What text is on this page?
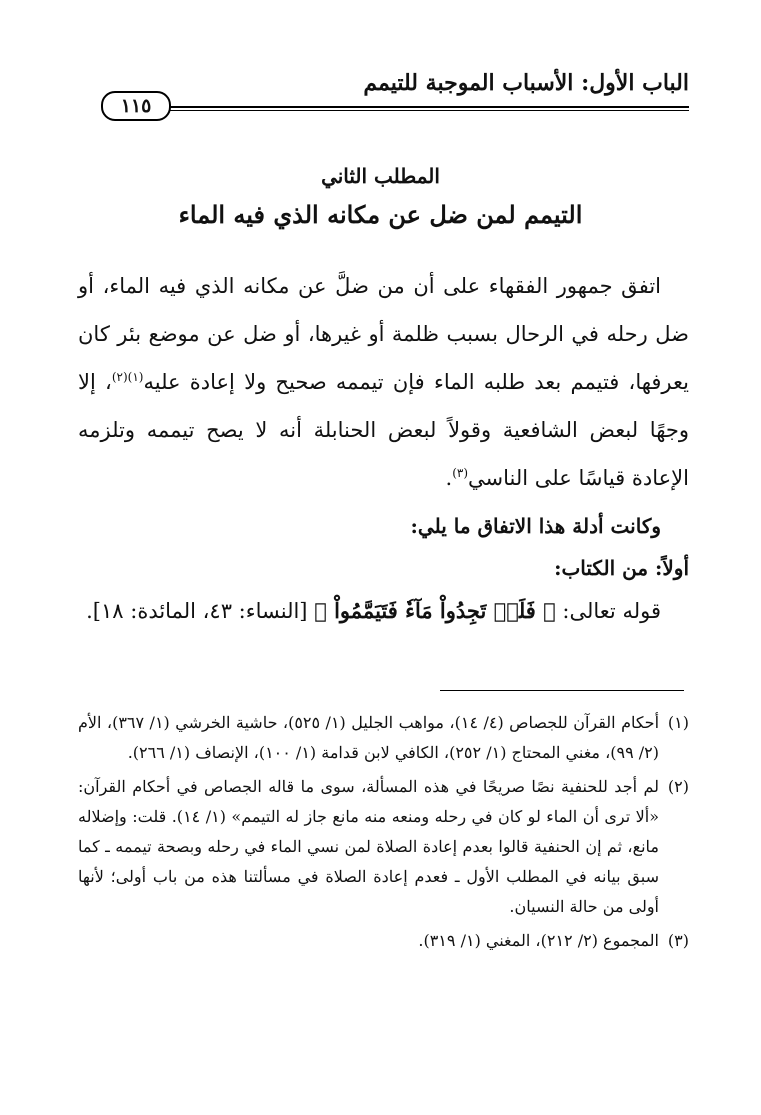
الباب الأول: الأسباب الموجبة للتيمم
١١٥
المطلب الثاني
التيمم لمن ضل عن مكانه الذي فيه الماء

اتفق جمهور الفقهاء على أن من ضلَّ عن مكانه الذي فيه الماء، أو ضل رحله في الرحال بسبب ظلمة أو غيرها، أو ضل عن موضع بئر كان يعرفها، فتيمم بعد طلبه الماء فإن تيممه صحيح ولا إعادة عليه$^{(١)(٢)}$، إلا وجهًا لبعض الشافعية وقولاً لبعض الحنابلة أنه لا يصح تيممه وتلزمه الإعادة قياسًا على الناسي$^{(٣)}$.

وكانت أدلة هذا الاتفاق ما يلي:
أولاً: من الكتاب:
قوله تعالى: ﴿ فَلَمۡ تَجِدُواْ مَآءٗ فَتَيَمَّمُواْ ﴾ [النساء: ٤٣، المائدة: ١٨].
(١)
أحكام القرآن للجصاص (٤/ ١٤)، مواهب الجليل (١/ ٥٢٥)، حاشية الخرشي (١/ ٣٦٧)، الأم (٢/ ٩٩)، مغني المحتاج (١/ ٢٥٢)، الكافي لابن قدامة (١/ ١٠٠)، الإنصاف (١/ ٢٦٦).
(٢)
لم أجد للحنفية نصًا صريحًا في هذه المسألة، سوى ما قاله الجصاص في أحكام القرآن: «ألا ترى أن الماء لو كان في رحله ومنعه منه مانع جاز له التيمم» (١/ ١٤). قلت: وإضلاله مانع، ثم إن الحنفية قالوا بعدم إعادة الصلاة لمن نسي الماء في رحله وبصحة تيممه ـ كما سبق بيانه في المطلب الأول ـ فعدم إعادة الصلاة في مسألتنا هذه من باب أولى؛ لأنها أولى من حالة النسيان.
(٣)
المجموع (٢/ ٢١٢)، المغني (١/ ٣١٩).
